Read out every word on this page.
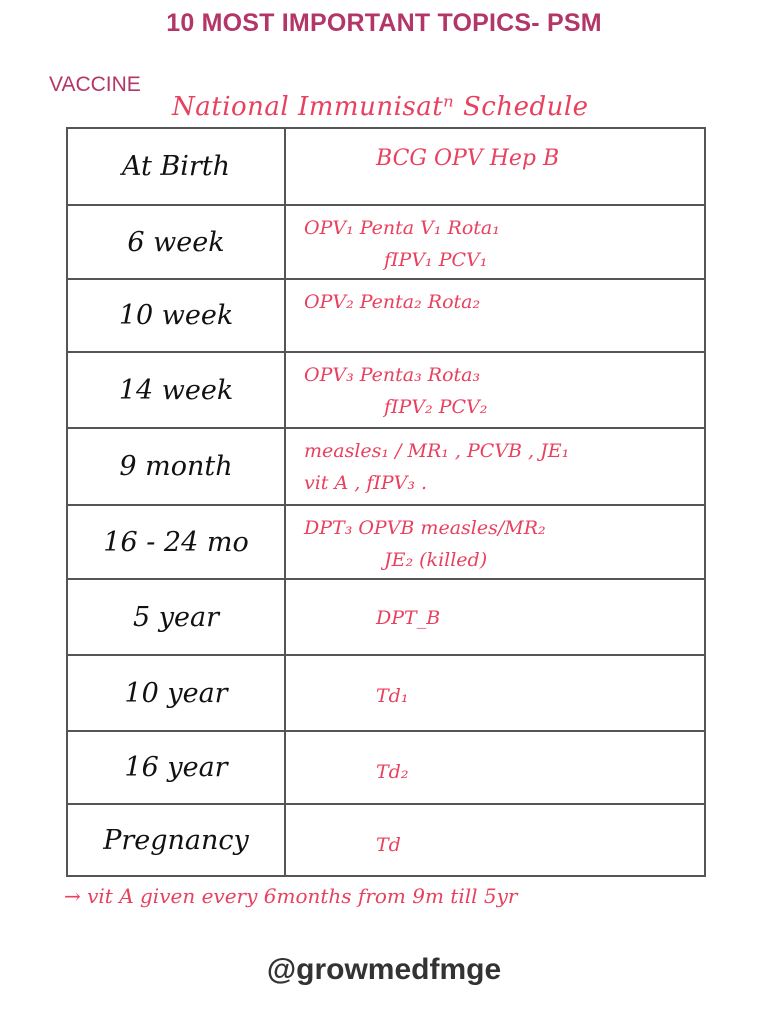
10 MOST IMPORTANT TOPICS- PSM
VACCINE
National Immunisatⁿ Schedule
At Birth	BCG OPV Hep B
6 week	OPV₁ Penta V₁ Rota₁
fIPV₁ PCV₁
10 week	OPV₂ Penta₂ Rota₂
14 week	OPV₃ Penta₃ Rota₃
fIPV₂ PCV₂
9 month	measles₁ / MR₁ , PCVB , JE₁
vit A , fIPV₃ .
16 - 24 mo	DPT₃ OPVB measles/MR₂
JE₂ (killed)
5 year	DPT_B
10 year	Td₁
16 year	Td₂
Pregnancy	Td
→ vit A given every 6months from 9m till 5yr
@growmedfmge
